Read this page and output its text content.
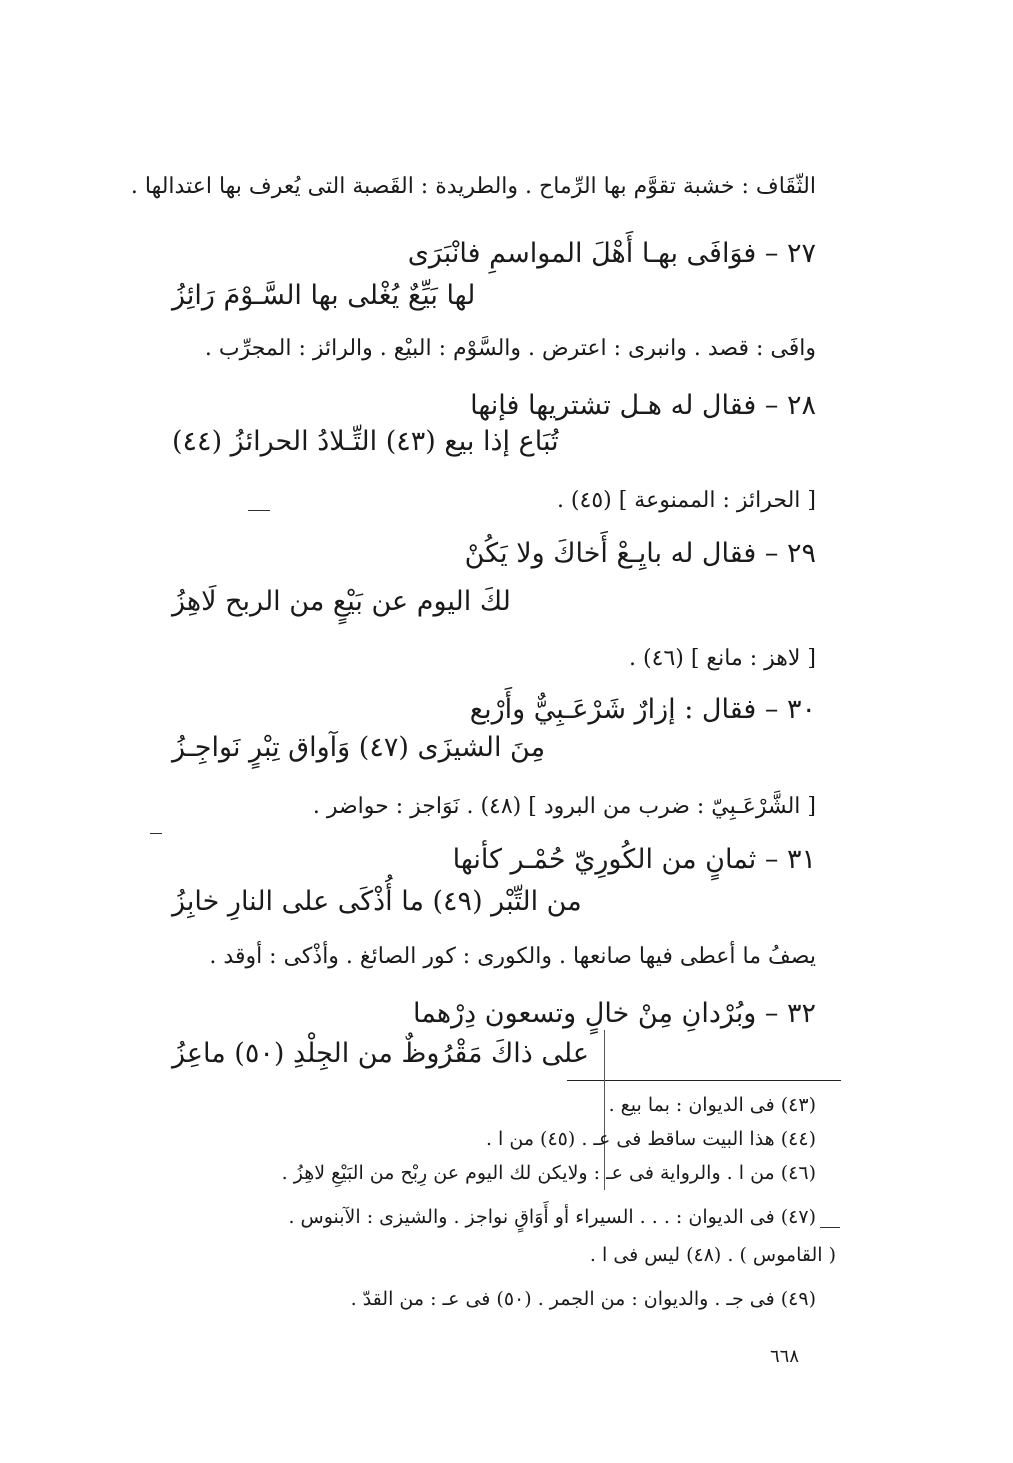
الثّقَاف : خشبة تقوَّم بها الرِّماح . والطريدة : القَصبة التى يُعرف بها اعتدالها .
٢٧ – فوَافَى بهـا أَهْلَ المواسمِ فانْبَرَى
لها بَيِّعٌ يُغْلى بها السَّـوْمَ رَائِزُ
وافَى : قصد . وانبرى : اعترض . والسَّوْم : البيْع . والرائز : المجرِّب .
٢٨ – فقال له هـل تشتريها فإنها
تُبَاع إذا بيع (٤٣) التِّـلادُ الحرائزُ (٤٤)
[ الحرائز : الممنوعة ] (٤٥) .
٢٩ – فقال له بايِـعْ أَخاكَ ولا يَكُنْ
لكَ اليوم عن بَيْعٍ من الربح لَاهِزُ
[ لاهز : مانع ] (٤٦) .
٣٠ – فقال : إزارٌ شَرْعَـبِيٌّ وأَرْبع
مِنَ الشيزَى (٤٧) وَآواق تِبْرٍ نَواجِـزُ
[ الشَّرْعَـبِيّ : ضرب من البرود ] (٤٨) . نَوَاجز : حواضر .
٣١ – ثمانٍ من الكُورِيّ حُمْـر كأنها
من التِّبْر (٤٩) ما أُذْكَى على النارِ خابِزُ
يصفُ ما أعطى فيها صانعها . والكورى : كور الصائغ . وأذْكى : أوقد .
٣٢ – وبُرْدانِ مِنْ خالٍ وتسعون دِرْهما
على ذاكَ مَقْرُوظٌ من الجِلْدِ (٥٠) ماعِزُ
(٤٣) فى الديوان : بما بيع .
(٤٤) هذا البيت ساقط فى عـ . (٤٥) من ا .
(٤٦) من ا . والرواية فى عـ : ولايكن لك اليوم عن رِبْح من البَيْعِ لاهِزُ .
(٤٧) فى الديوان : . . . السيراء أو أَوَاقٍ نواجز . والشيزى : الآبنوس .
( القاموس ) . (٤٨) ليس فى ا .
(٤٩) فى جـ . والديوان : من الجمر . (٥٠) فى عـ : من القدّ .
٦٦٨
